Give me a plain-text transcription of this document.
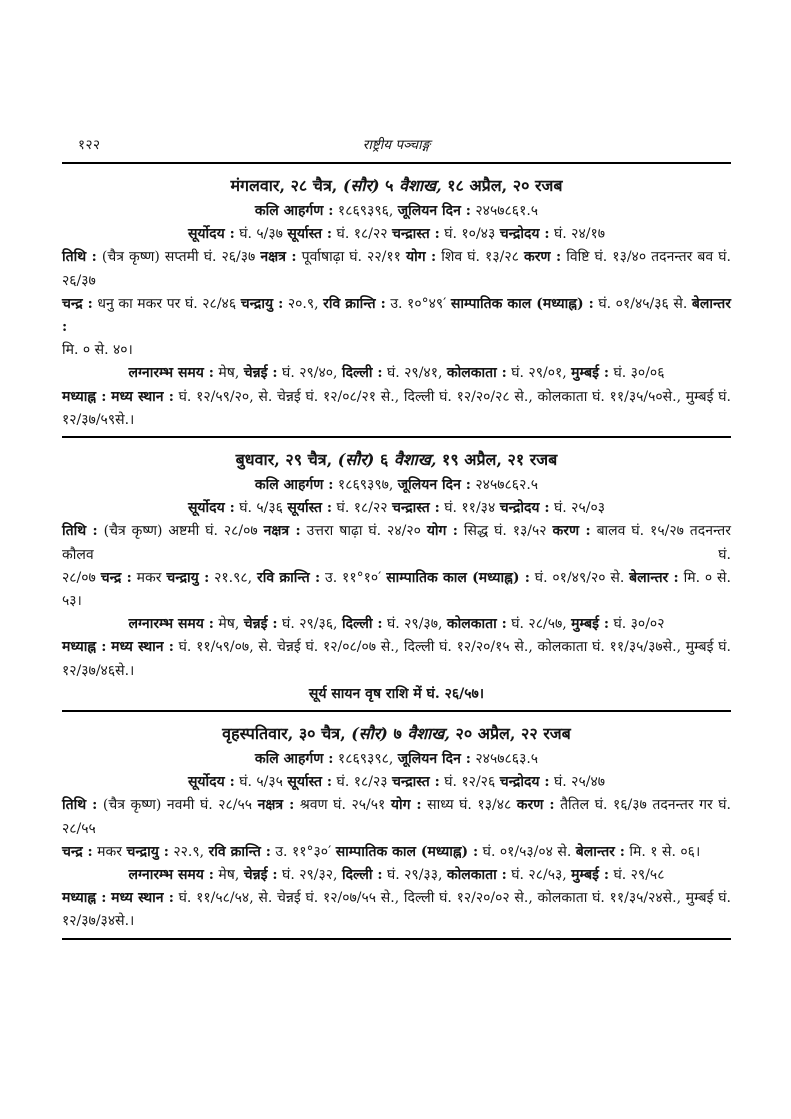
१२२	राष्ट्रीय पञ्चाङ्ग
मंगलवार, २८ चैत्र, (सौर) ५ वैशाख, १८ अप्रैल, २० रजब
कलि आहर्गण : १८६९३९६, जूलियन दिन : २४५७८६१.५
सूर्योदय : घं. ५/३७ सूर्यास्त : घं. १८/२२ चन्द्रास्त : घं. १०/४३ चन्द्रोदय : घं. २४/१७
तिथि : (चैत्र कृष्ण) सप्तमी घं. २६/३७ नक्षत्र : पूर्वाषाढ़ा घं. २२/११ योग : शिव घं. १३/२८ करण : विष्टि घं. १३/४० तदनन्तर बव घं. २६/३७
चन्द्र : धनु का मकर पर घं. २८/४६ चन्द्रायु : २०.९, रवि क्रान्ति : उ. १०°४९′ साम्पातिक काल (मध्याह्न) : घं. ०१/४५/३६ से. बेलान्तर :
मि. ० से. ४०।
लग्नारम्भ समय : मेष, चेन्नई : घं. २९/४०, दिल्ली : घं. २९/४१, कोलकाता : घं. २९/०१, मुम्बई : घं. ३०/०६
मध्याह्न : मध्य स्थान : घं. १२/५९/२०, से. चेन्नई घं. १२/०८/२१ से., दिल्ली घं. १२/२०/२८ से., कोलकाता घं. ११/३५/५०से., मुम्बई घं. १२/३७/५९से.।
बुधवार, २९ चैत्र, (सौर) ६ वैशाख, १९ अप्रैल, २१ रजब
कलि आहर्गण : १८६९३९७, जूलियन दिन : २४५७८६२.५
सूर्योदय : घं. ५/३६ सूर्यास्त : घं. १८/२२ चन्द्रास्त : घं. ११/३४ चन्द्रोदय : घं. २५/०३
तिथि : (चैत्र कृष्ण) अष्टमी घं. २८/०७ नक्षत्र : उत्तरा षाढ़ा घं. २४/२० योग : सिद्ध घं. १३/५२ करण : बालव घं. १५/२७ तदनन्तर कौलव घं.
२८/०७ चन्द्र : मकर चन्द्रायु : २१.९८, रवि क्रान्ति : उ. ११°१०′ साम्पातिक काल (मध्याह्न) : घं. ०१/४९/२० से. बेलान्तर : मि. ० से. ५३।
लग्नारम्भ समय : मेष, चेन्नई : घं. २९/३६, दिल्ली : घं. २९/३७, कोलकाता : घं. २८/५७, मुम्बई : घं. ३०/०२
मध्याह्न : मध्य स्थान : घं. ११/५९/०७, से. चेन्नई घं. १२/०८/०७ से., दिल्ली घं. १२/२०/१५ से., कोलकाता घं. ११/३५/३७से., मुम्बई घं. १२/३७/४६से.।
सूर्य सायन वृष राशि में घं. २६/५७।
वृहस्पतिवार, ३० चैत्र, (सौर) ७ वैशाख, २० अप्रैल, २२ रजब
कलि आहर्गण : १८६९३९८, जूलियन दिन : २४५७८६३.५
सूर्योदय : घं. ५/३५ सूर्यास्त : घं. १८/२३ चन्द्रास्त : घं. १२/२६ चन्द्रोदय : घं. २५/४७
तिथि : (चैत्र कृष्ण) नवमी घं. २८/५५ नक्षत्र : श्रवण घं. २५/५१ योग : साध्य घं. १३/४८ करण : तैतिल घं. १६/३७ तदनन्तर गर घं. २८/५५
चन्द्र : मकर चन्द्रायु : २२.९, रवि क्रान्ति : उ. ११°३०′ साम्पातिक काल (मध्याह्न) : घं. ०१/५३/०४ से. बेलान्तर : मि. १ से. ०६।
लग्नारम्भ समय : मेष, चेन्नई : घं. २९/३२, दिल्ली : घं. २९/३३, कोलकाता : घं. २८/५३, मुम्बई : घं. २९/५८
मध्याह्न : मध्य स्थान : घं. ११/५८/५४, से. चेन्नई घं. १२/०७/५५ से., दिल्ली घं. १२/२०/०२ से., कोलकाता घं. ११/३५/२४से., मुम्बई घं. १२/३७/३४से.।
